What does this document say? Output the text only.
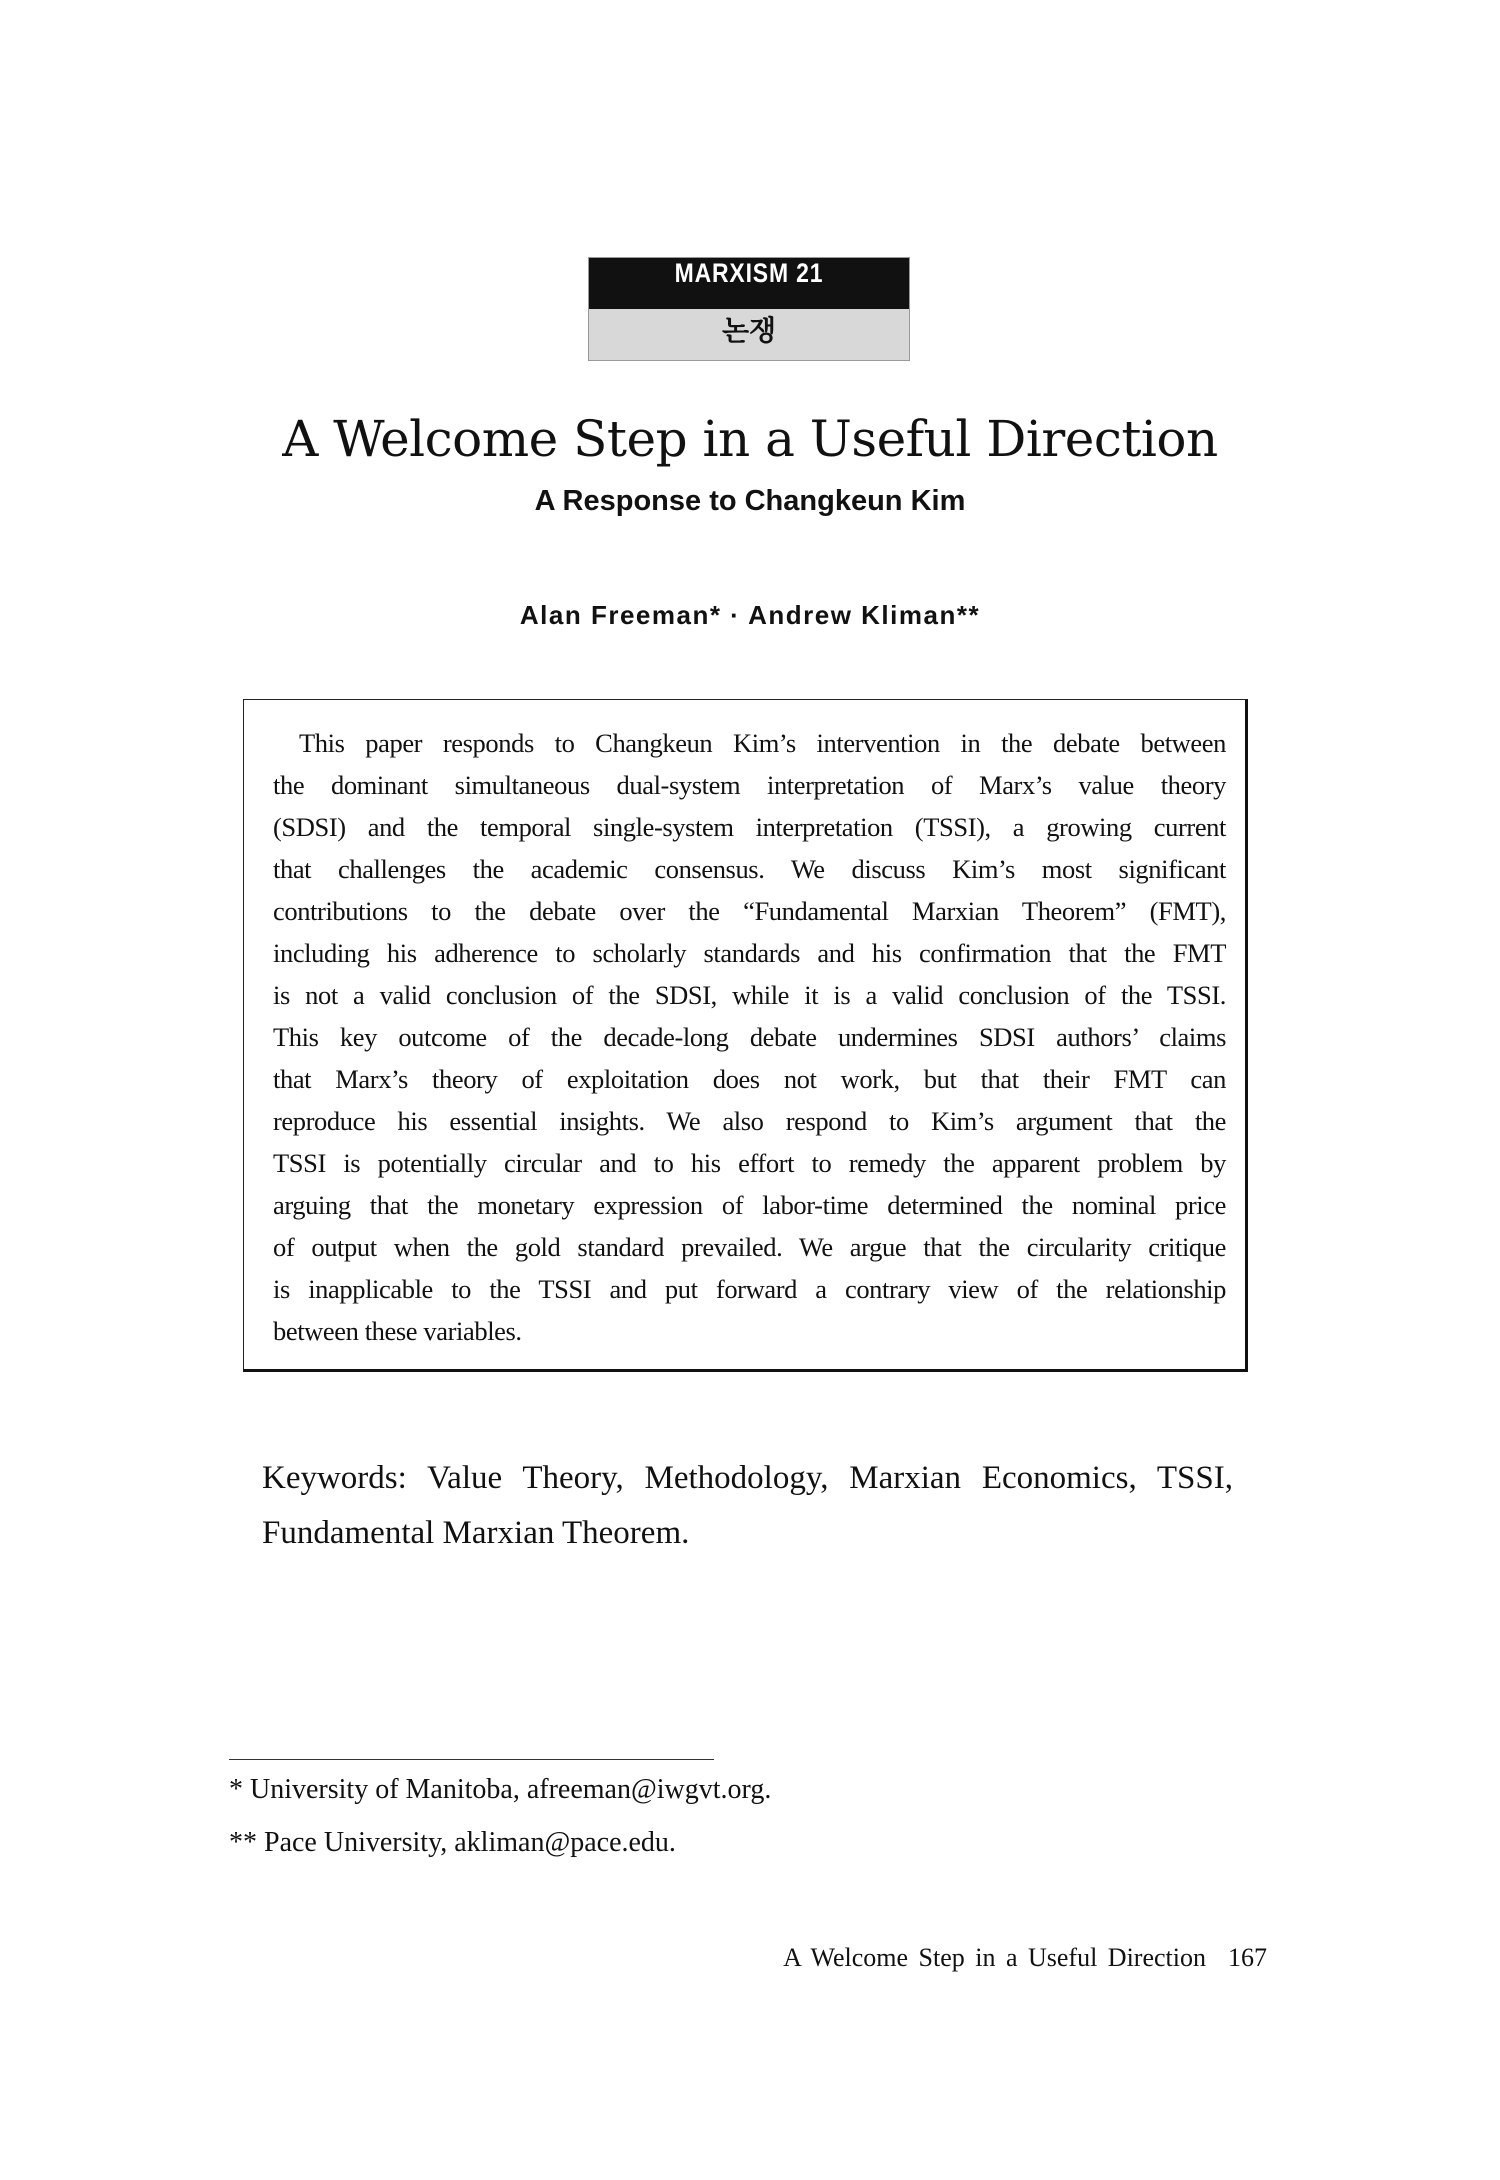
MARXISM 21
논쟁
A Welcome Step in a Useful Direction
A Response to Changkeun Kim
Alan Freeman* · Andrew Kliman**
This paper responds to Changkeun Kim’s intervention in the debate between
the dominant simultaneous dual-system interpretation of Marx’s value theory
(SDSI) and the temporal single-system interpretation (TSSI), a growing current
that challenges the academic consensus. We discuss Kim’s most significant
contributions to the debate over the “Fundamental Marxian Theorem” (FMT),
including his adherence to scholarly standards and his confirmation that the FMT
is not a valid conclusion of the SDSI, while it is a valid conclusion of the TSSI.
This key outcome of the decade-long debate undermines SDSI authors’ claims
that Marx’s theory of exploitation does not work, but that their FMT can
reproduce his essential insights. We also respond to Kim’s argument that the
TSSI is potentially circular and to his effort to remedy the apparent problem by
arguing that the monetary expression of labor-time determined the nominal price
of output when the gold standard prevailed. We argue that the circularity critique
is inapplicable to the TSSI and put forward a contrary view of the relationship
between these variables.
Keywords: Value Theory, Methodology, Marxian Economics, TSSI, Fundamental Marxian Theorem.
* University of Manitoba, afreeman@iwgvt.org.
** Pace University, akliman@pace.edu.
A Welcome Step in a Useful Direction 167
